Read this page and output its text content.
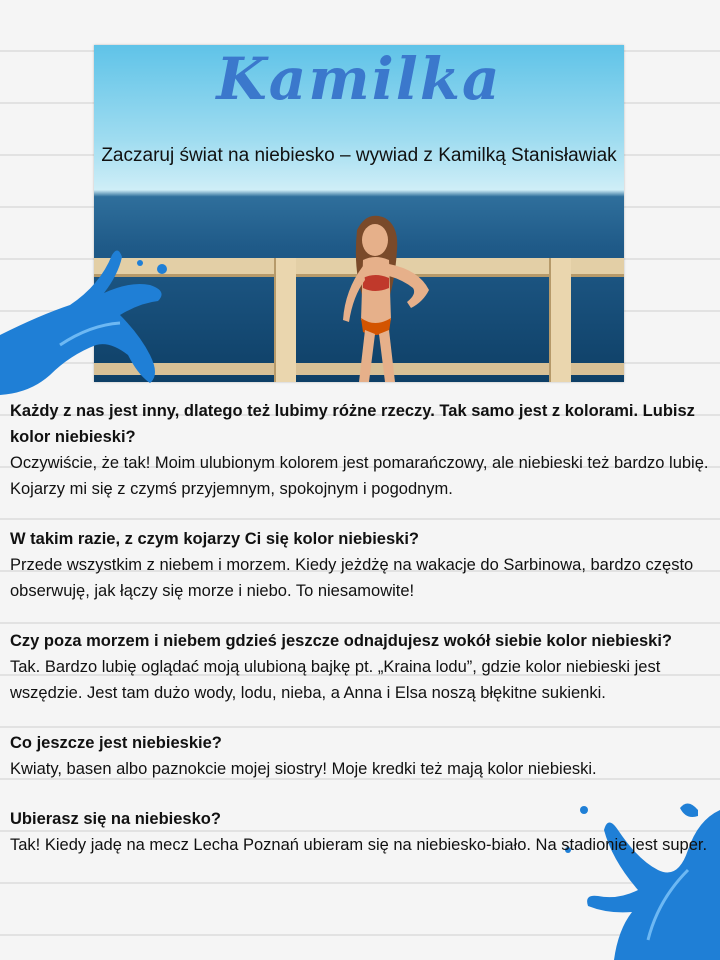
Kamilka
Zaczaruj świat na niebiesko – wywiad z Kamilką Stanisławiak
Każdy z nas jest inny, dlatego też lubimy różne rzeczy. Tak samo jest z kolorami. Lubisz kolor niebieski?
Oczywiście, że tak! Moim ulubionym kolorem jest pomarańczowy, ale niebieski też bardzo lubię. Kojarzy mi się z czymś przyjemnym, spokojnym i pogodnym.
W takim razie, z czym kojarzy Ci się kolor niebieski?
Przede wszystkim z niebem i morzem. Kiedy jeżdżę na wakacje do Sarbinowa, bardzo często obserwuję, jak łączy się morze i niebo. To niesamowite!
Czy poza morzem i niebem gdzieś jeszcze odnajdujesz wokół siebie kolor niebieski?
Tak. Bardzo lubię oglądać moją ulubioną bajkę pt. „Kraina lodu”, gdzie kolor niebieski jest wszędzie. Jest tam dużo wody, lodu, nieba, a Anna i Elsa noszą błękitne sukienki.
Co jeszcze jest niebieskie?
Kwiaty, basen albo paznokcie mojej siostry! Moje kredki też mają kolor niebieski.
Ubierasz się na niebiesko?
Tak! Kiedy jadę na mecz Lecha Poznań ubieram się na niebiesko-biało. Na stadionie jest super.
